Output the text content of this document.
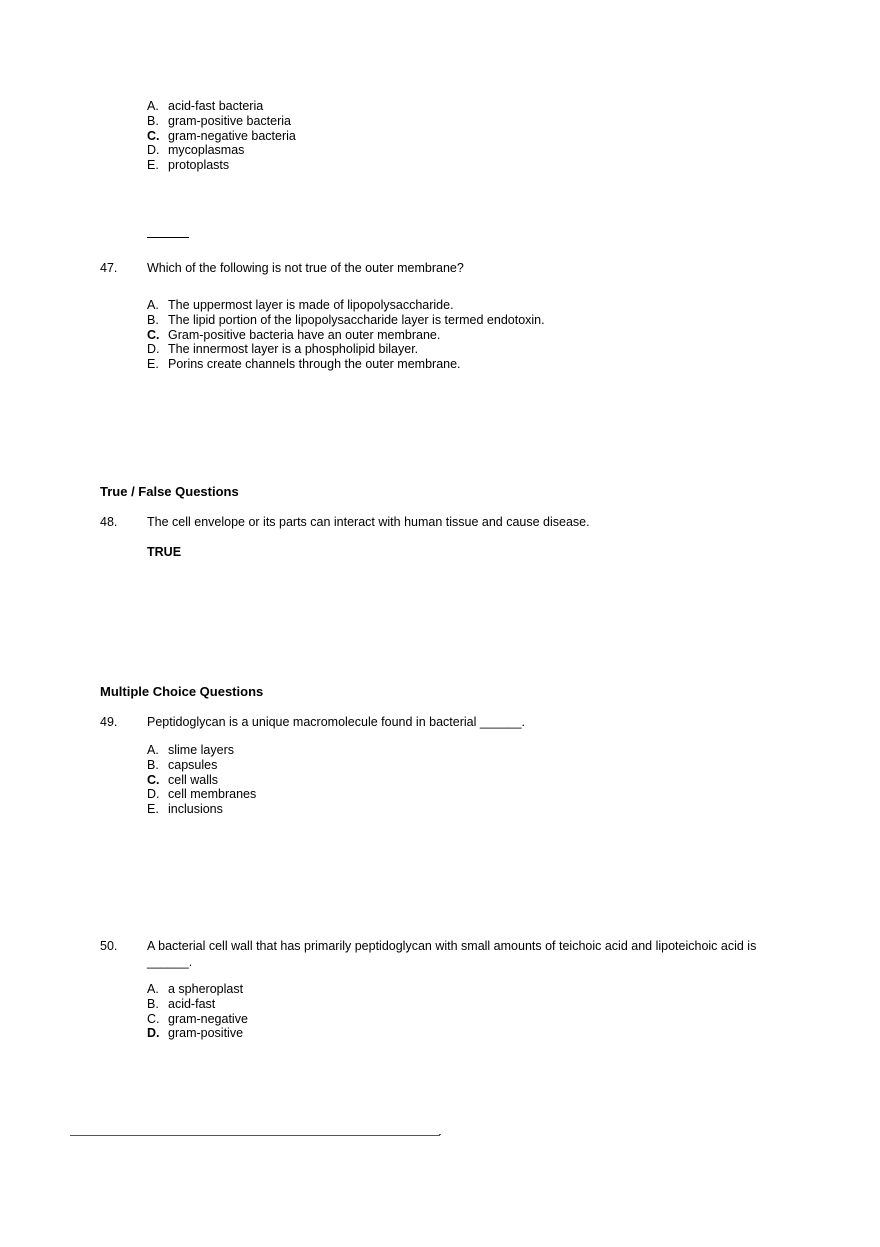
A. acid-fast bacteria
B. gram-positive bacteria
C. gram-negative bacteria
D. mycoplasmas
E. protoplasts
47. Which of the following is not true of the outer membrane?
A. The uppermost layer is made of lipopolysaccharide.
B. The lipid portion of the lipopolysaccharide layer is termed endotoxin.
C. Gram-positive bacteria have an outer membrane.
D. The innermost layer is a phospholipid bilayer.
E. Porins create channels through the outer membrane.
True / False Questions
48. The cell envelope or its parts can interact with human tissue and cause disease.
TRUE
Multiple Choice Questions
49. Peptidoglycan is a unique macromolecule found in bacterial ______.
A. slime layers
B. capsules
C. cell walls
D. cell membranes
E. inclusions
50. A bacterial cell wall that has primarily peptidoglycan with small amounts of teichoic acid and lipoteichoic acid is
______.
A. a spheroplast
B. acid-fast
C. gram-negative
D. gram-positive
